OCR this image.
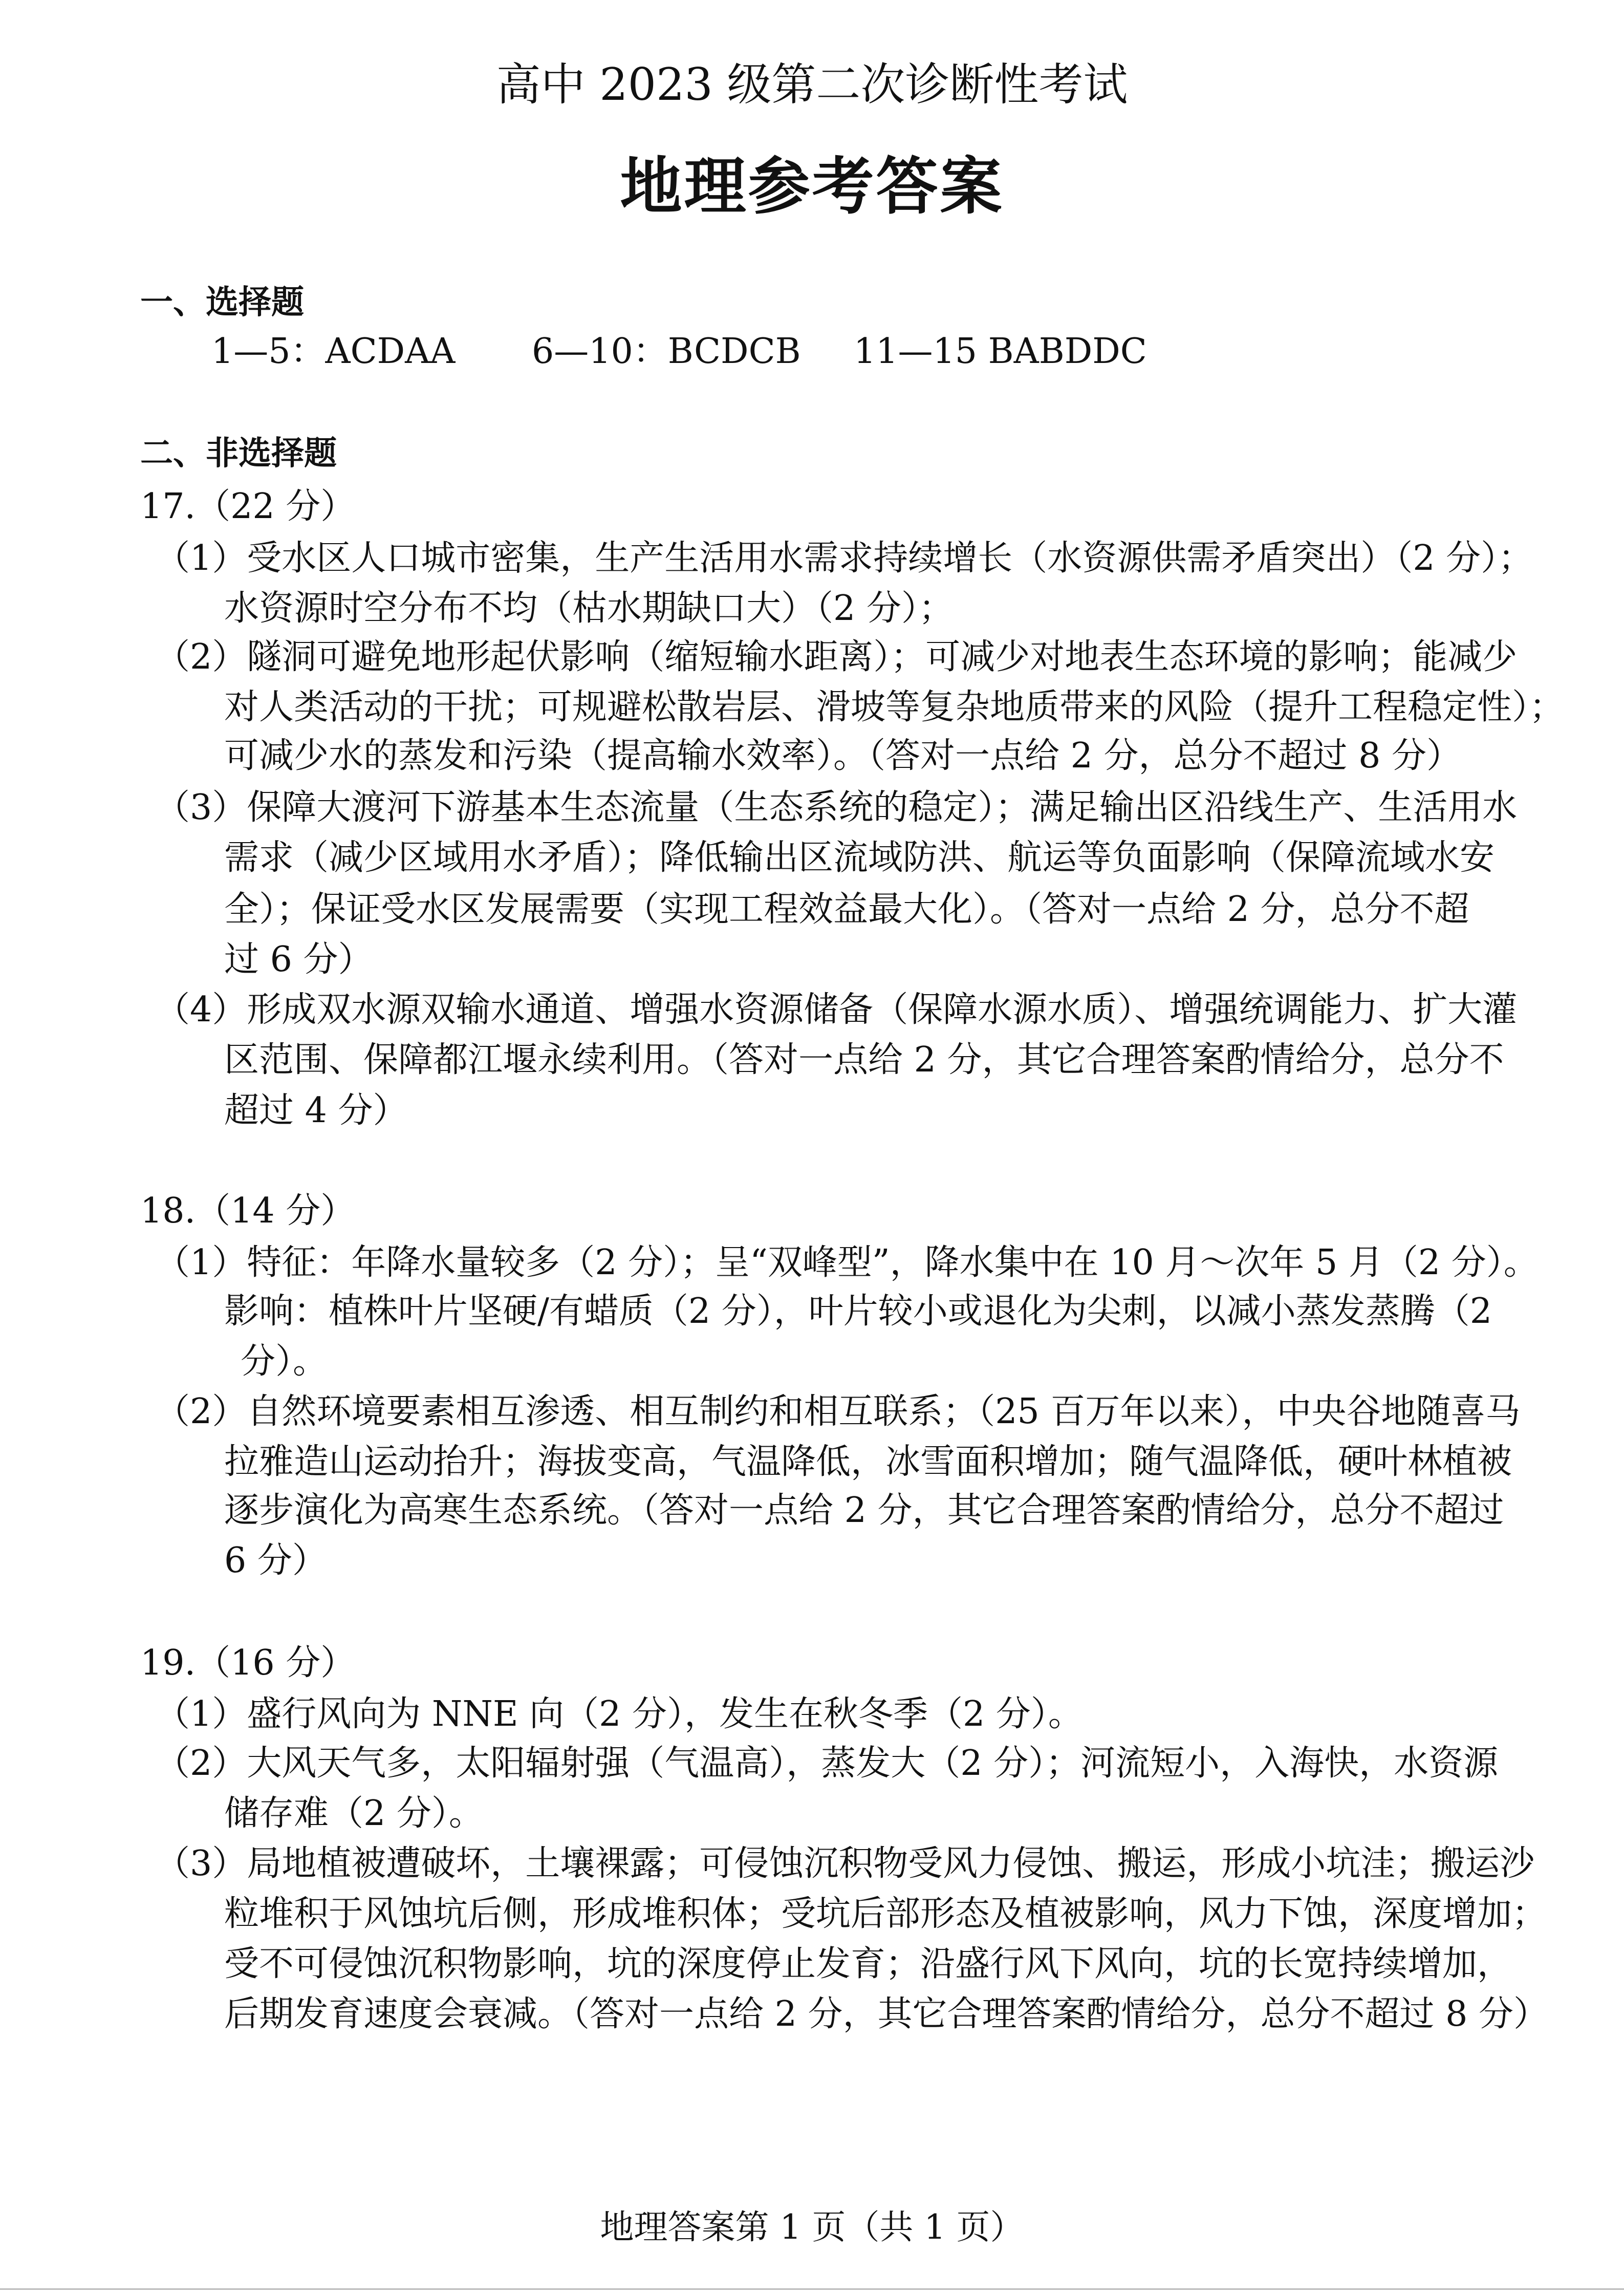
高中 2023 级第二次诊断性考试
地理参考答案
一、选择题
1—5：ACDAA 6—10：BCDCB 11—15 BABDDC
二、非选择题
17.（22 分）
（1）受水区人口城市密集，生产生活用水需求持续增长（水资源供需矛盾突出）（2 分）；
水资源时空分布不均（枯水期缺口大）（2 分）；
（2）隧洞可避免地形起伏影响（缩短输水距离）；可减少对地表生态环境的影响；能减少
对人类活动的干扰；可规避松散岩层、滑坡等复杂地质带来的风险（提升工程稳定性）；
可减少水的蒸发和污染（提高输水效率）。（答对一点给 2 分，总分不超过 8 分）
（3）保障大渡河下游基本生态流量（生态系统的稳定）；满足输出区沿线生产、生活用水
需求（减少区域用水矛盾）；降低输出区流域防洪、航运等负面影响（保障流域水安
全）；保证受水区发展需要（实现工程效益最大化）。（答对一点给 2 分，总分不超
过 6 分）
（4）形成双水源双输水通道、增强水资源储备（保障水源水质）、增强统调能力、扩大灌
区范围、保障都江堰永续利用。（答对一点给 2 分，其它合理答案酌情给分，总分不
超过 4 分）
18.（14 分）
（1）特征：年降水量较多（2 分）；呈“双峰型”，降水集中在 10 月～次年 5 月（2 分）。
影响：植株叶片坚硬/有蜡质（2 分），叶片较小或退化为尖刺，以减小蒸发蒸腾（2
分）。
（2）自然环境要素相互渗透、相互制约和相互联系；（25 百万年以来），中央谷地随喜马
拉雅造山运动抬升；海拔变高，气温降低，冰雪面积增加；随气温降低，硬叶林植被
逐步演化为高寒生态系统。（答对一点给 2 分，其它合理答案酌情给分，总分不超过
6 分）
19.（16 分）
（1）盛行风向为 NNE 向（2 分），发生在秋冬季（2 分）。
（2）大风天气多，太阳辐射强（气温高），蒸发大（2 分）；河流短小，入海快，水资源
储存难（2 分）。
（3）局地植被遭破坏，土壤裸露；可侵蚀沉积物受风力侵蚀、搬运，形成小坑洼；搬运沙
粒堆积于风蚀坑后侧，形成堆积体；受坑后部形态及植被影响，风力下蚀，深度增加；
受不可侵蚀沉积物影响，坑的深度停止发育；沿盛行风下风向，坑的长宽持续增加，
后期发育速度会衰减。（答对一点给 2 分，其它合理答案酌情给分，总分不超过 8 分）
地理答案第 1 页（共 1 页）
